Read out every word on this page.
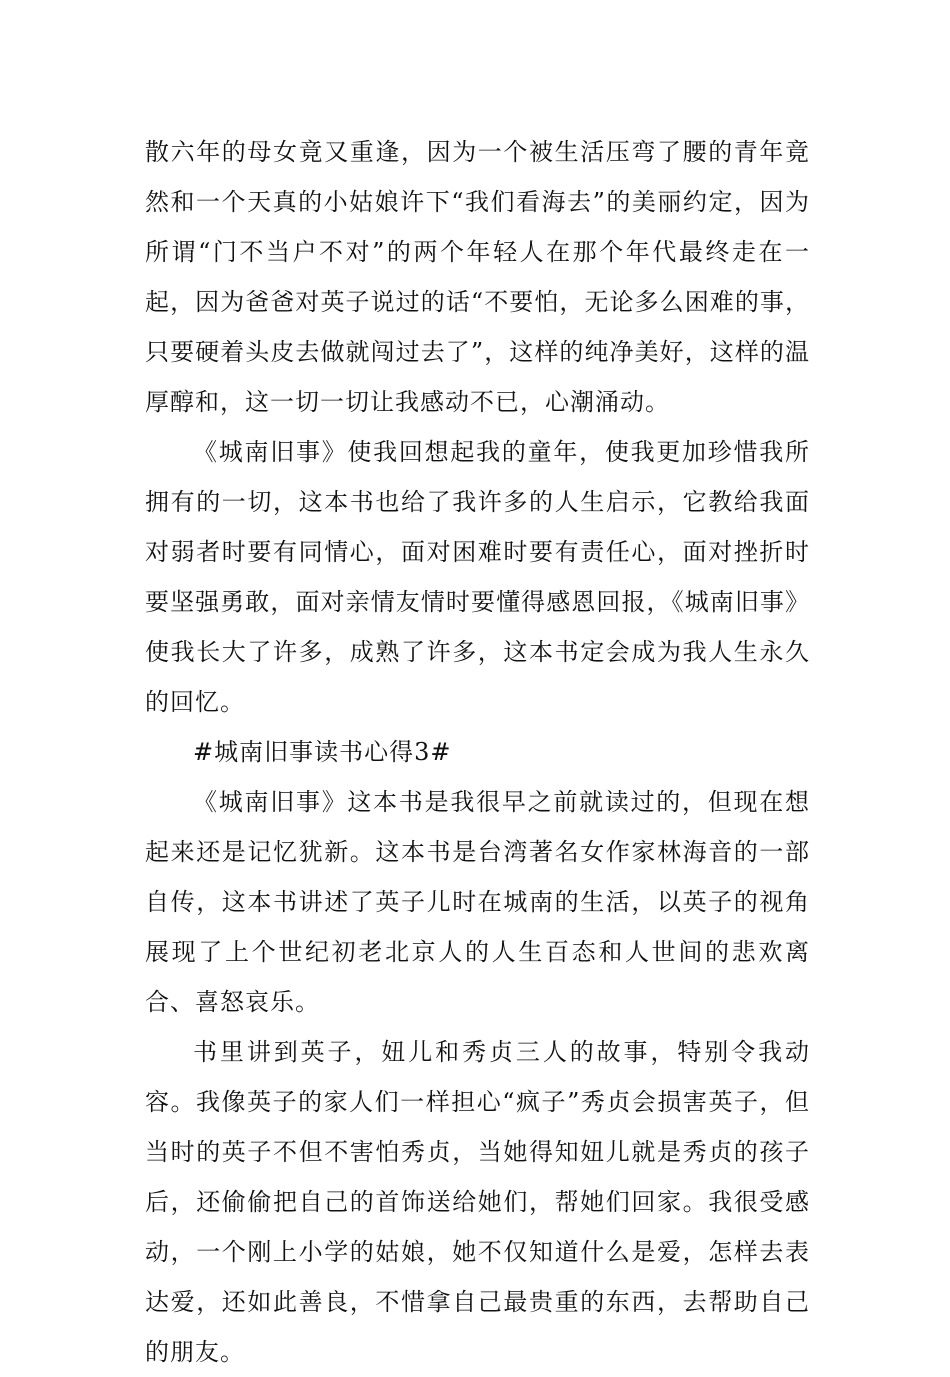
散六年的母女竟又重逢，因为一个被生活压弯了腰的青年竟然和一个天真的小姑娘许下“我们看海去”的美丽约定，因为所谓“门不当户不对”的两个年轻人在那个年代最终走在一起，因为爸爸对英子说过的话“不要怕，无论多么困难的事，只要硬着头皮去做就闯过去了”，这样的纯净美好，这样的温厚醇和，这一切一切让我感动不已，心潮涌动。

《城南旧事》使我回想起我的童年，使我更加珍惜我所拥有的一切，这本书也给了我许多的人生启示，它教给我面对弱者时要有同情心，面对困难时要有责任心，面对挫折时要坚强勇敢，面对亲情友情时要懂得感恩回报，《城南旧事》使我长大了许多，成熟了许多，这本书定会成为我人生永久的回忆。

#城南旧事读书心得3#

《城南旧事》这本书是我很早之前就读过的，但现在想起来还是记忆犹新。这本书是台湾著名女作家林海音的一部自传，这本书讲述了英子儿时在城南的生活，以英子的视角展现了上个世纪初老北京人的人生百态和人世间的悲欢离合、喜怒哀乐。

书里讲到英子，妞儿和秀贞三人的故事，特别令我动容。我像英子的家人们一样担心“疯子”秀贞会损害英子，但当时的英子不但不害怕秀贞，当她得知妞儿就是秀贞的孩子后，还偷偷把自己的首饰送给她们，帮她们回家。我很受感动，一个刚上小学的姑娘，她不仅知道什么是爱，怎样去表达爱，还如此善良，不惜拿自己最贵重的东西，去帮助自己的朋友。
